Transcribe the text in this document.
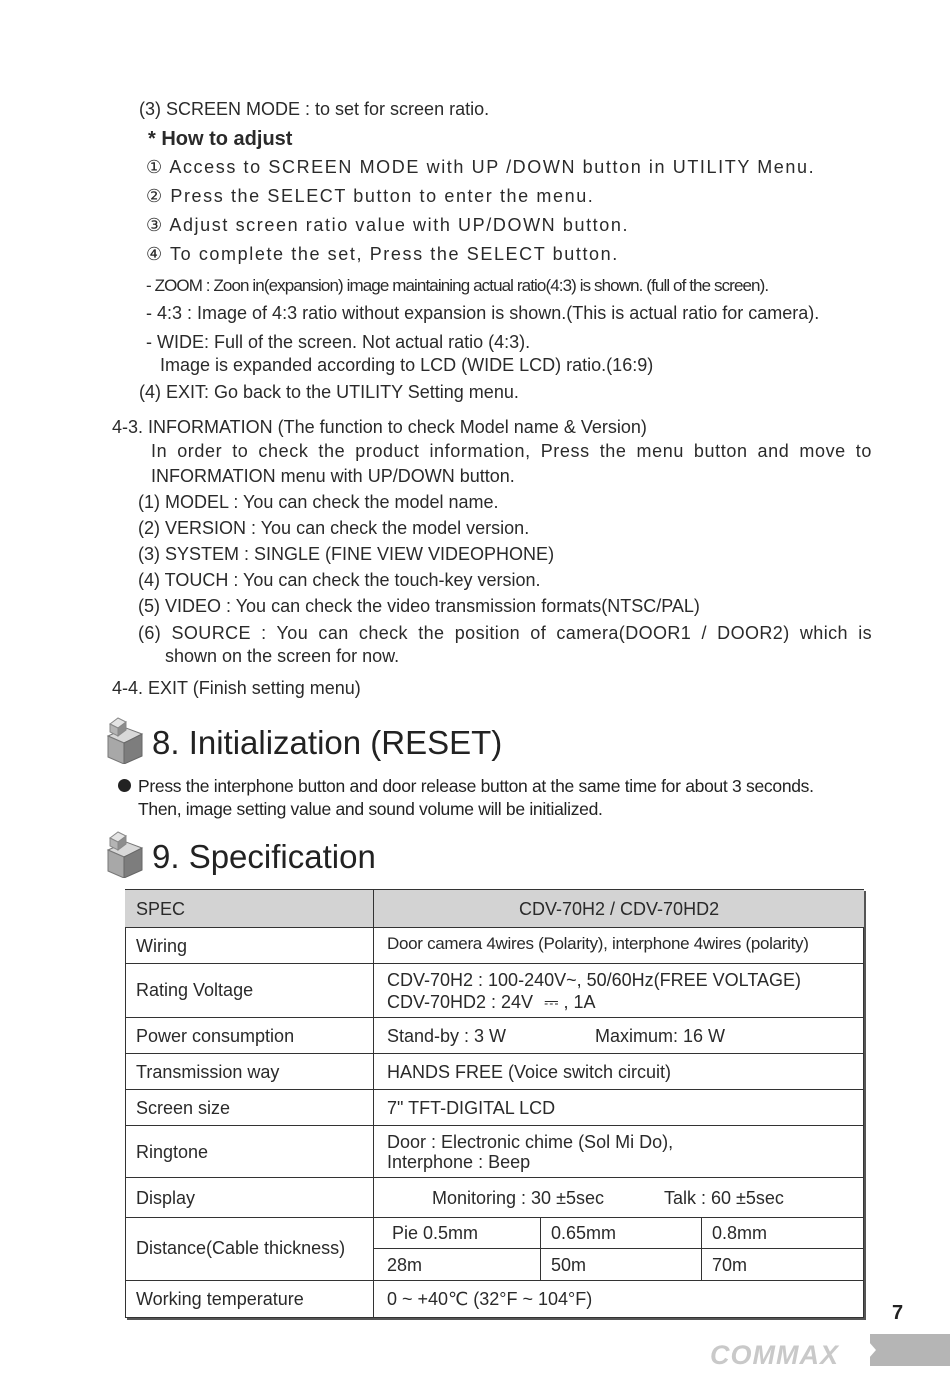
(3) SCREEN MODE : to set for screen ratio.
* How to adjust
① Access to SCREEN MODE with UP /DOWN button in UTILITY Menu.
② Press the SELECT button to enter the menu.
③ Adjust screen ratio value with UP/DOWN button.
④ To complete the set, Press the SELECT button.
- ZOOM : Zoon in(expansion) image maintaining actual ratio(4:3) is shown. (full of the screen).
- 4:3 : Image of 4:3 ratio without expansion is shown.(This is actual ratio for camera).
- WIDE: Full of the screen. Not actual ratio (4:3).
Image is expanded according to LCD (WIDE LCD) ratio.(16:9)
(4) EXIT: Go back to the UTILITY Setting menu.
4-3. INFORMATION (The function to check Model name & Version)
In order to check the product information, Press the menu button and move to
INFORMATION menu with UP/DOWN button.
(1) MODEL : You can check the model name.
(2) VERSION : You can check the model version.
(3) SYSTEM : SINGLE (FINE VIEW VIDEOPHONE)
(4) TOUCH : You can check the touch-key version.
(5) VIDEO : You can check the video transmission formats(NTSC/PAL)
(6) SOURCE : You can check the position of camera(DOOR1 / DOOR2) which is
shown on the screen for now.
4-4. EXIT (Finish setting menu)
8. Initialization (RESET)
Press the interphone button and door release button at the same time for about 3 seconds.
Then, image setting value and sound volume will be initialized.
9. Specification
SPEC	CDV-70H2 / CDV-70HD2
Wiring	Door camera 4wires (Polarity), interphone 4wires (polarity)
Rating Voltage	CDV-70H2 : 100-240V~, 50/60Hz(FREE VOLTAGE)
CDV-70HD2 : 24V ⎓ , 1A
Power consumption	Stand-by : 3 W	Maximum: 16 W
Transmission way	HANDS FREE (Voice switch circuit)
Screen size	7" TFT-DIGITAL LCD
Ringtone	Door : Electronic chime (Sol Mi Do),
Interphone : Beep
Display	Monitoring : 30 ±5sec	Talk : 60 ±5sec
Distance(Cable thickness)
Pie 0.5mm	0.65mm	0.8mm
28m	50m	70m
Working temperature	0 ~ +40℃ (32°F ~ 104°F)
7
COMMAX
